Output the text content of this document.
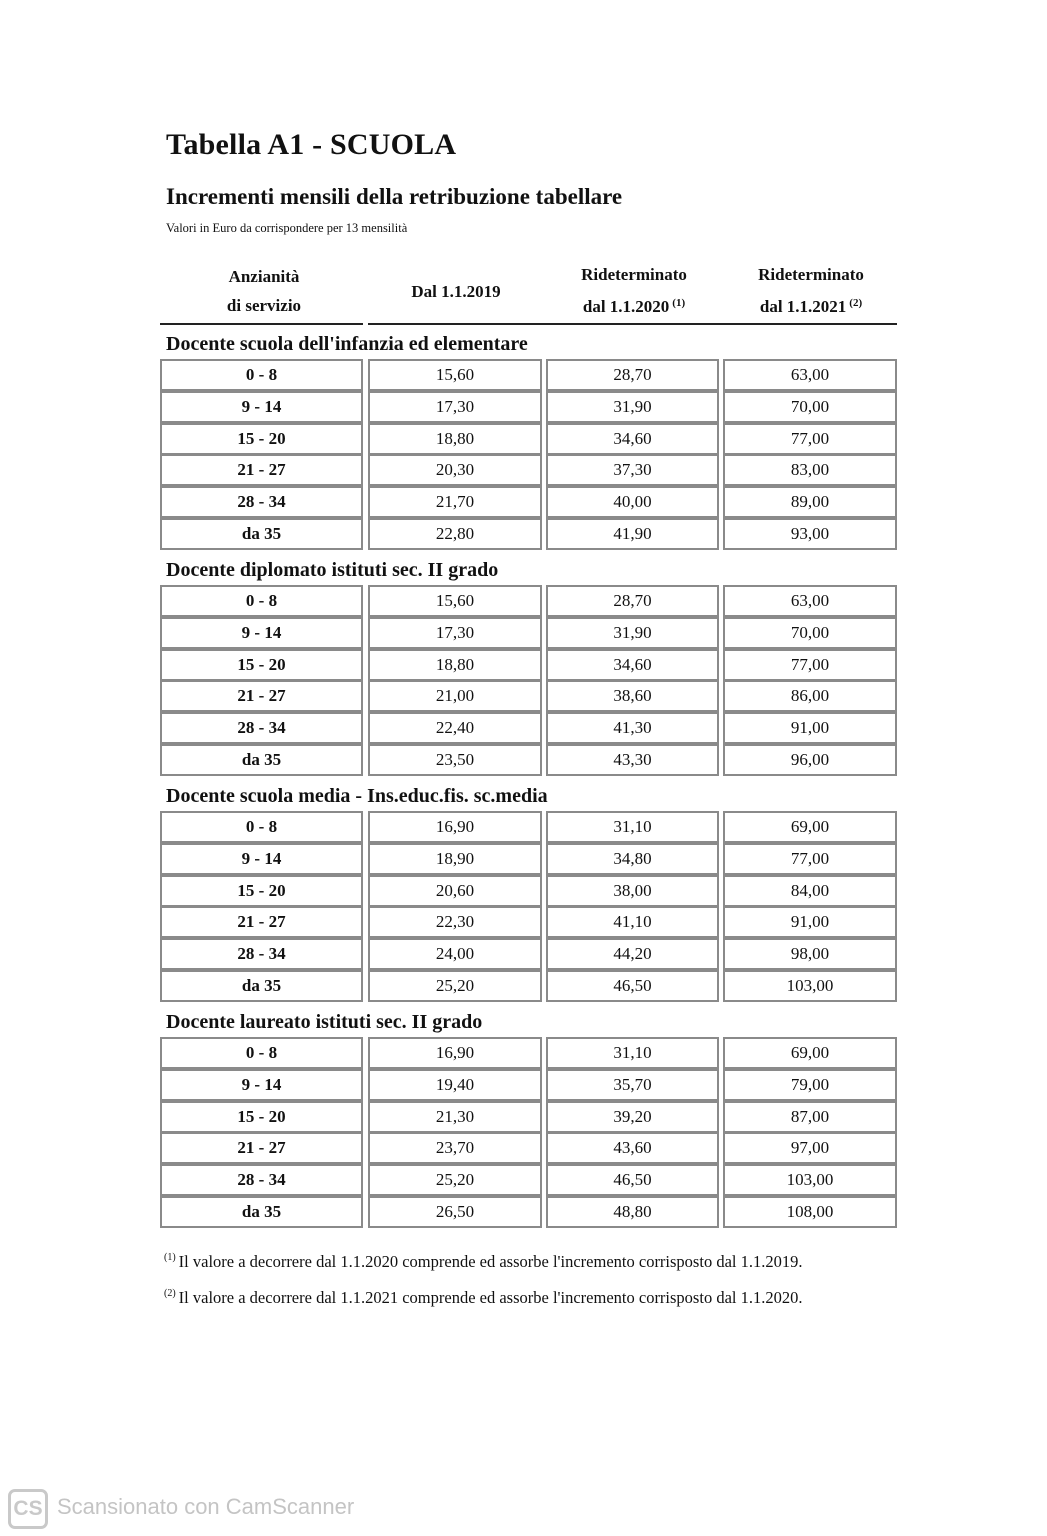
Tabella A1 - SCUOLA
Incrementi mensili della retribuzione tabellare
Valori in Euro da corrispondere per 13 mensilità
Anzianità
di servizio
Dal 1.1.2019
Rideterminato
dal 1.1.2020 $^{(1)}$
Rideterminato
dal 1.1.2021 $^{(2)}$
Docente scuola dell'infanzia ed elementare
0 - 8	15,60	28,70	63,00
9 - 14	17,30	31,90	70,00
15 - 20	18,80	34,60	77,00
21 - 27	20,30	37,30	83,00
28 - 34	21,70	40,00	89,00
da 35	22,80	41,90	93,00
Docente diplomato istituti sec. II grado
0 - 8	15,60	28,70	63,00
9 - 14	17,30	31,90	70,00
15 - 20	18,80	34,60	77,00
21 - 27	21,00	38,60	86,00
28 - 34	22,40	41,30	91,00
da 35	23,50	43,30	96,00
Docente scuola media - Ins.educ.fis. sc.media
0 - 8	16,90	31,10	69,00
9 - 14	18,90	34,80	77,00
15 - 20	20,60	38,00	84,00
21 - 27	22,30	41,10	91,00
28 - 34	24,00	44,20	98,00
da 35	25,20	46,50	103,00
Docente laureato istituti sec. II grado
0 - 8	16,90	31,10	69,00
9 - 14	19,40	35,70	79,00
15 - 20	21,30	39,20	87,00
21 - 27	23,70	43,60	97,00
28 - 34	25,20	46,50	103,00
da 35	26,50	48,80	108,00
$^{(1)}$ Il valore a decorrere dal 1.1.2020 comprende ed assorbe l'incremento corrisposto dal 1.1.2019.
$^{(2)}$ Il valore a decorrere dal 1.1.2021 comprende ed assorbe l'incremento corrisposto dal 1.1.2020.
CS Scansionato con CamScanner
